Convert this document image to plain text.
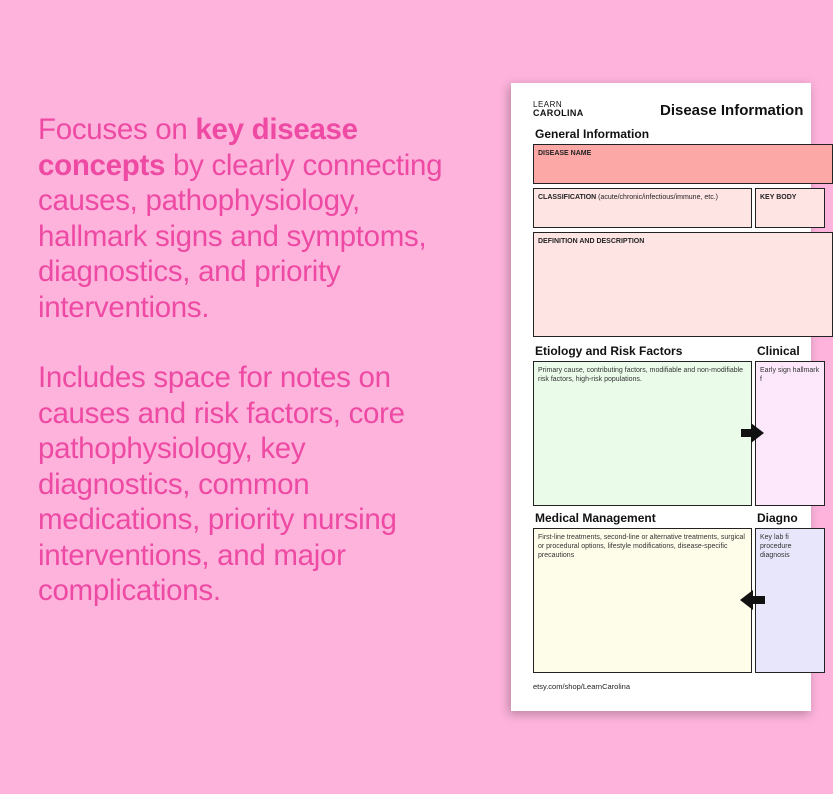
Focuses on key disease concepts by clearly connecting causes, pathophysiology, hallmark signs and symptoms, diagnostics, and priority interventions.

Includes space for notes on causes and risk factors, core pathophysiology, key diagnostics, common medications, priority nursing interventions, and major complications.

LEARN
CAROLINA	Disease Information
General Information
DISEASE NAME
CLASSIFICATION (acute/chronic/infectious/immune, etc.)	KEY BODY
DEFINITION AND DESCRIPTION
Etiology and Risk Factors	Clinical
Primary cause, contributing factors, modifiable and non-modifiable risk factors, high-risk populations.
Early sign hallmark f
Medical Management	Diagno
First-line treatments, second-line or alternative treatments, surgical or procedural options, lifestyle modifications, disease-specific precautions
Key lab fi procedure diagnosis
etsy.com/shop/LearnCarolina
